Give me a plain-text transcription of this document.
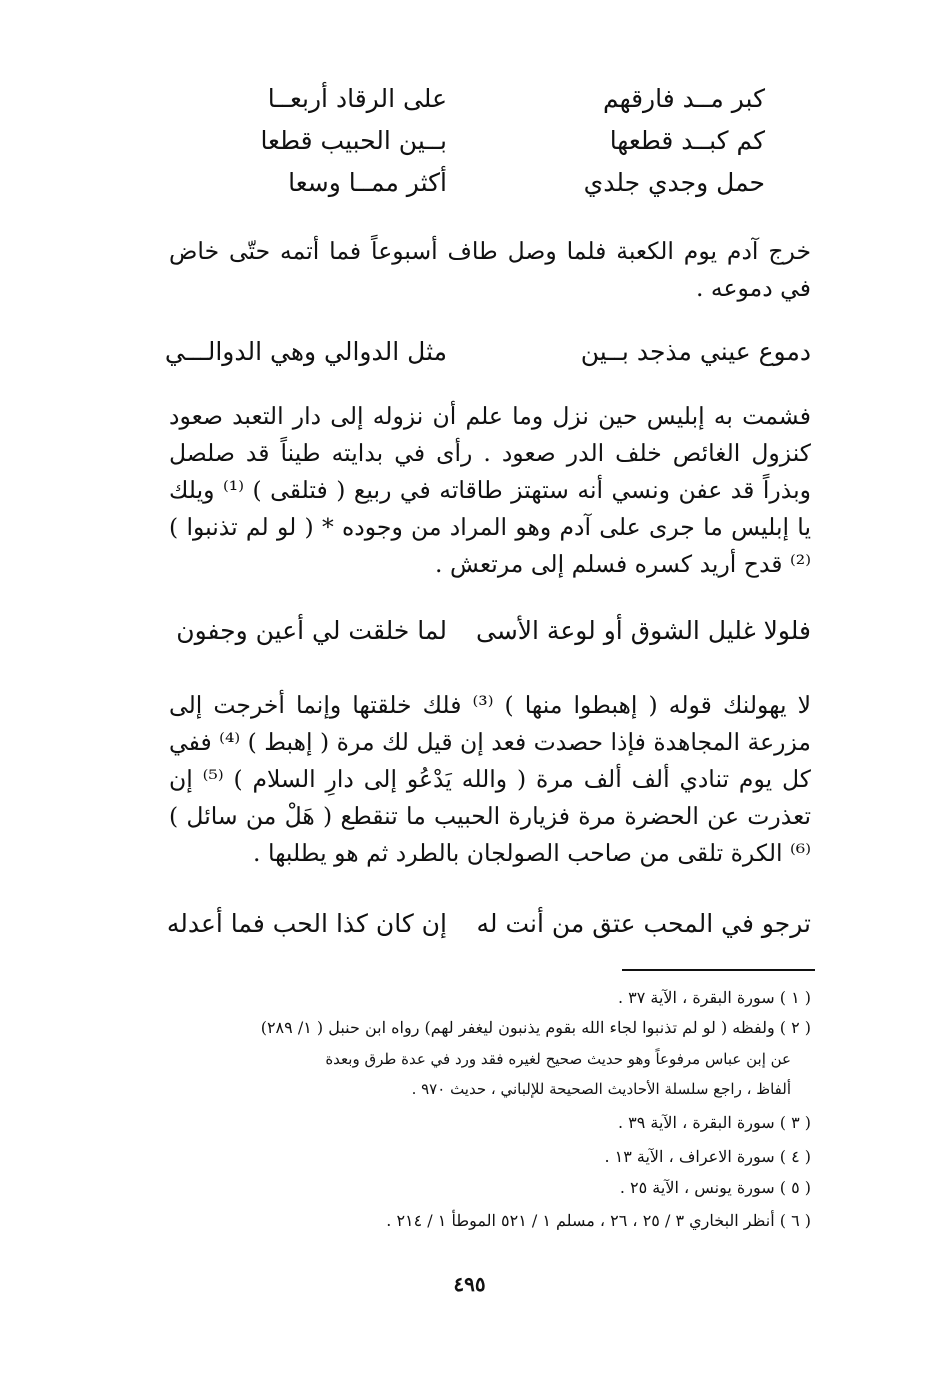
كبر مــد فارقهم
على الرقاد أربعــا
كم كبــد قطعها
بــين الحبيب قطعا
حمل وجدي جلدي
أكثر ممــا وسعا
خرج آدم يوم الكعبة فلما وصل طاف أسبوعاً فما أتمه حتّى خاض في دموعه .
دموع عيني مذجد بــين
مثل الدوالي وهي الدوالـــي
فشمت به إبليس حين نزل وما علم أن نزوله إلى دار التعبد صعود كنزول الغائص خلف الدر صعود . رأى في بدايته طيناً قد صلصل وبذراً قد عفن ونسي أنه ستهتز طاقاته في ربيع ( فتلقى ) ⁽¹⁾ ويلك يا إبليس ما جرى على آدم وهو المراد من وجوده * ( لو لم تذنبوا ) ⁽²⁾ قدح أريد كسره فسلم إلى مرتعش .
فلولا غليل الشوق أو لوعة الأسى
لما خلقت لي أعين وجفون
لا يهولنك قوله ( إهبطوا منها ) ⁽³⁾ فلك خلقتها وإنما أخرجت إلى مزرعة المجاهدة فإذا حصدت فعد إن قيل لك مرة ( إهبط ) ⁽⁴⁾ ففي كل يوم تنادي ألف ألف مرة ( والله يَدْعُو إلى دارِ السلام ) ⁽⁵⁾ إن تعذرت عن الحضرة مرة فزيارة الحبيب ما تنقطع ( هَلْ من سائل ) ⁽⁶⁾ الكرة تلقى من صاحب الصولجان بالطرد ثم هو يطلبها .
ترجو في المحب عتق من أنت له
إن كان كذا الحب فما أعدله
( ١ ) سورة البقرة ، الآية ٣٧ .
( ٢ ) ولفظه ( لو لم تذنبوا لجاء الله بقوم يذنبون ليغفر لهم) رواه ابن حنبل ( ١/ ٢٨٩)
عن إبن عباس مرفوعاً وهو حديث صحيح لغيره فقد ورد في عدة طرق وبعدة
ألفاظ ، راجع سلسلة الأحاديث الصحيحة للإلباني ، حديث ٩٧٠ .
( ٣ ) سورة البقرة ، الآية ٣٩ .
( ٤ ) سورة الاعراف ، الآية ١٣ .
( ٥ ) سورة يونس ، الآية ٢٥ .
( ٦ ) أنظر البخاري ٣ / ٢٥ ، ٢٦ ، مسلم ١ / ٥٢١ الموطأ ١ / ٢١٤ .
٤٩٥
